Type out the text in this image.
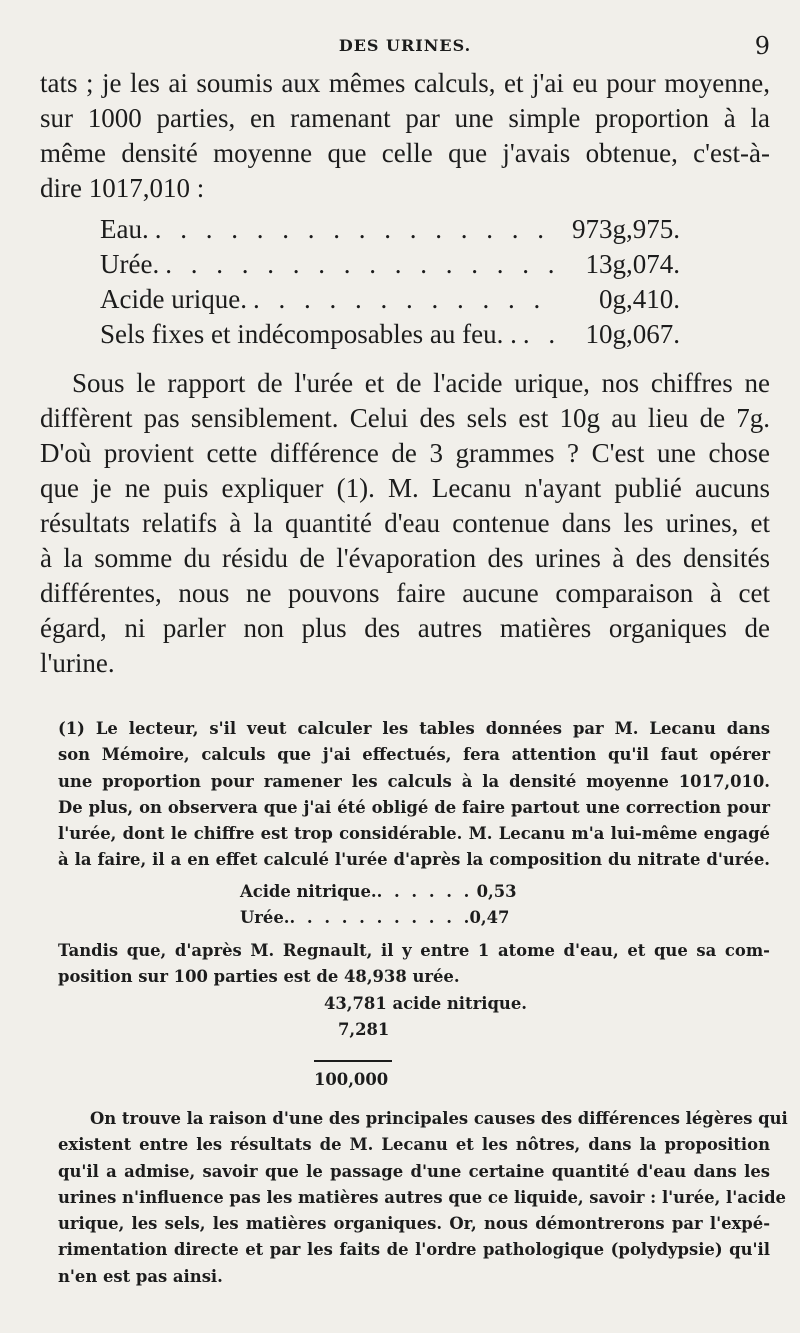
DES URINES.	9
tats ; je les ai soumis aux mêmes calculs, et j'ai eu pour moyenne,
sur 1000 parties, en ramenant par une simple proportion à la
même densité moyenne que celle que j'avais obtenue, c'est-à-
dire 1017,010 :
Eau. . . .	973g,975.
Urée. . . .	13g,074.
Acide urique. . . .	0g,410.
Sels fixes et indécomposables au feu. . . . .	10g,067.
Sous le rapport de l'urée et de l'acide urique, nos chiffres ne
diffèrent pas sensiblement. Celui des sels est 10g au lieu de 7g.
D'où provient cette différence de 3 grammes ? C'est une chose
que je ne puis expliquer (1). M. Lecanu n'ayant publié aucuns
résultats relatifs à la quantité d'eau contenue dans les urines, et
à la somme du résidu de l'évaporation des urines à des densités
différentes, nous ne pouvons faire aucune comparaison à cet
égard, ni parler non plus des autres matières organiques de
l'urine.
(1) Le lecteur, s'il veut calculer les tables données par M. Lecanu dans
son Mémoire, calculs que j'ai effectués, fera attention qu'il faut opérer
une proportion pour ramener les calculs à la densité moyenne 1017,010.
De plus, on observera que j'ai été obligé de faire partout une correction pour
l'urée, dont le chiffre est trop considérable. M. Lecanu m'a lui-même engagé
à la faire, il a en effet calculé l'urée d'après la composition du nitrate d'urée.
Acide nitrique. . . .	0,53
Urée. . . .	0,47
Tandis que, d'après M. Regnault, il y entre 1 atome d'eau, et que sa com-
position sur 100 parties est de 48,938 urée.
43,781 acide nitrique.
7,281
100,000
On trouve la raison d'une des principales causes des différences légères qui
existent entre les résultats de M. Lecanu et les nôtres, dans la proposition
qu'il a admise, savoir que le passage d'une certaine quantité d'eau dans les
urines n'influence pas les matières autres que ce liquide, savoir : l'urée, l'acide
urique, les sels, les matières organiques. Or, nous démontrerons par l'expé-
rimentation directe et par les faits de l'ordre pathologique (polydypsie) qu'il
n'en est pas ainsi.
